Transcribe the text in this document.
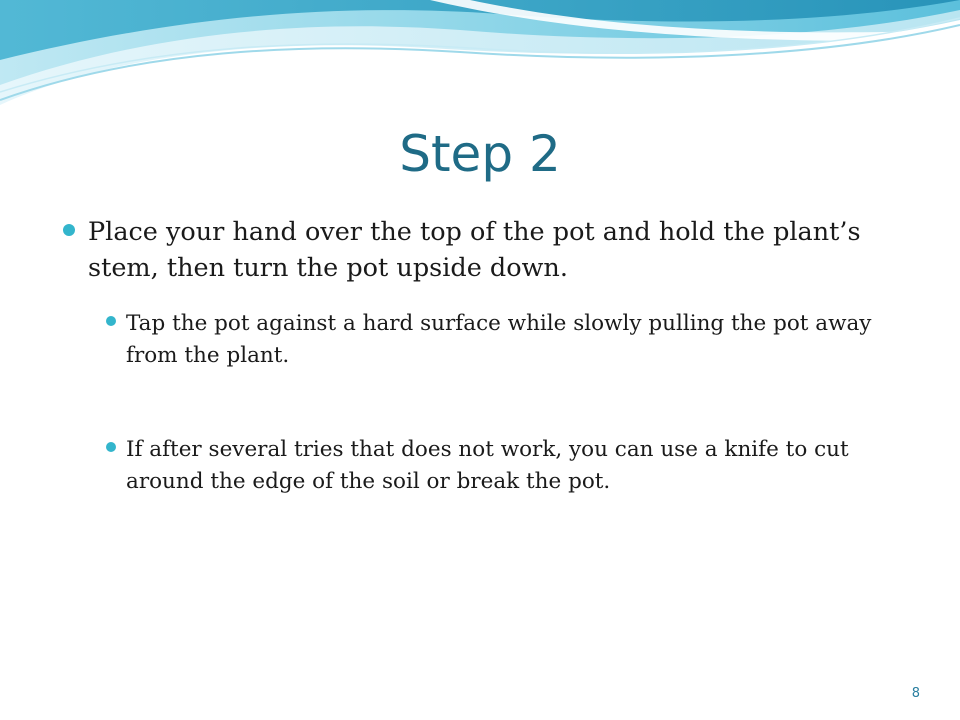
Step 2
Place your hand over the top of the pot and hold the plant’s stem, then turn the pot upside down.
Tap the pot against a hard surface while slowly pulling the pot away from the plant.
If after several tries that does not work, you can use a knife to cut around the edge of the soil or break the pot.
8
